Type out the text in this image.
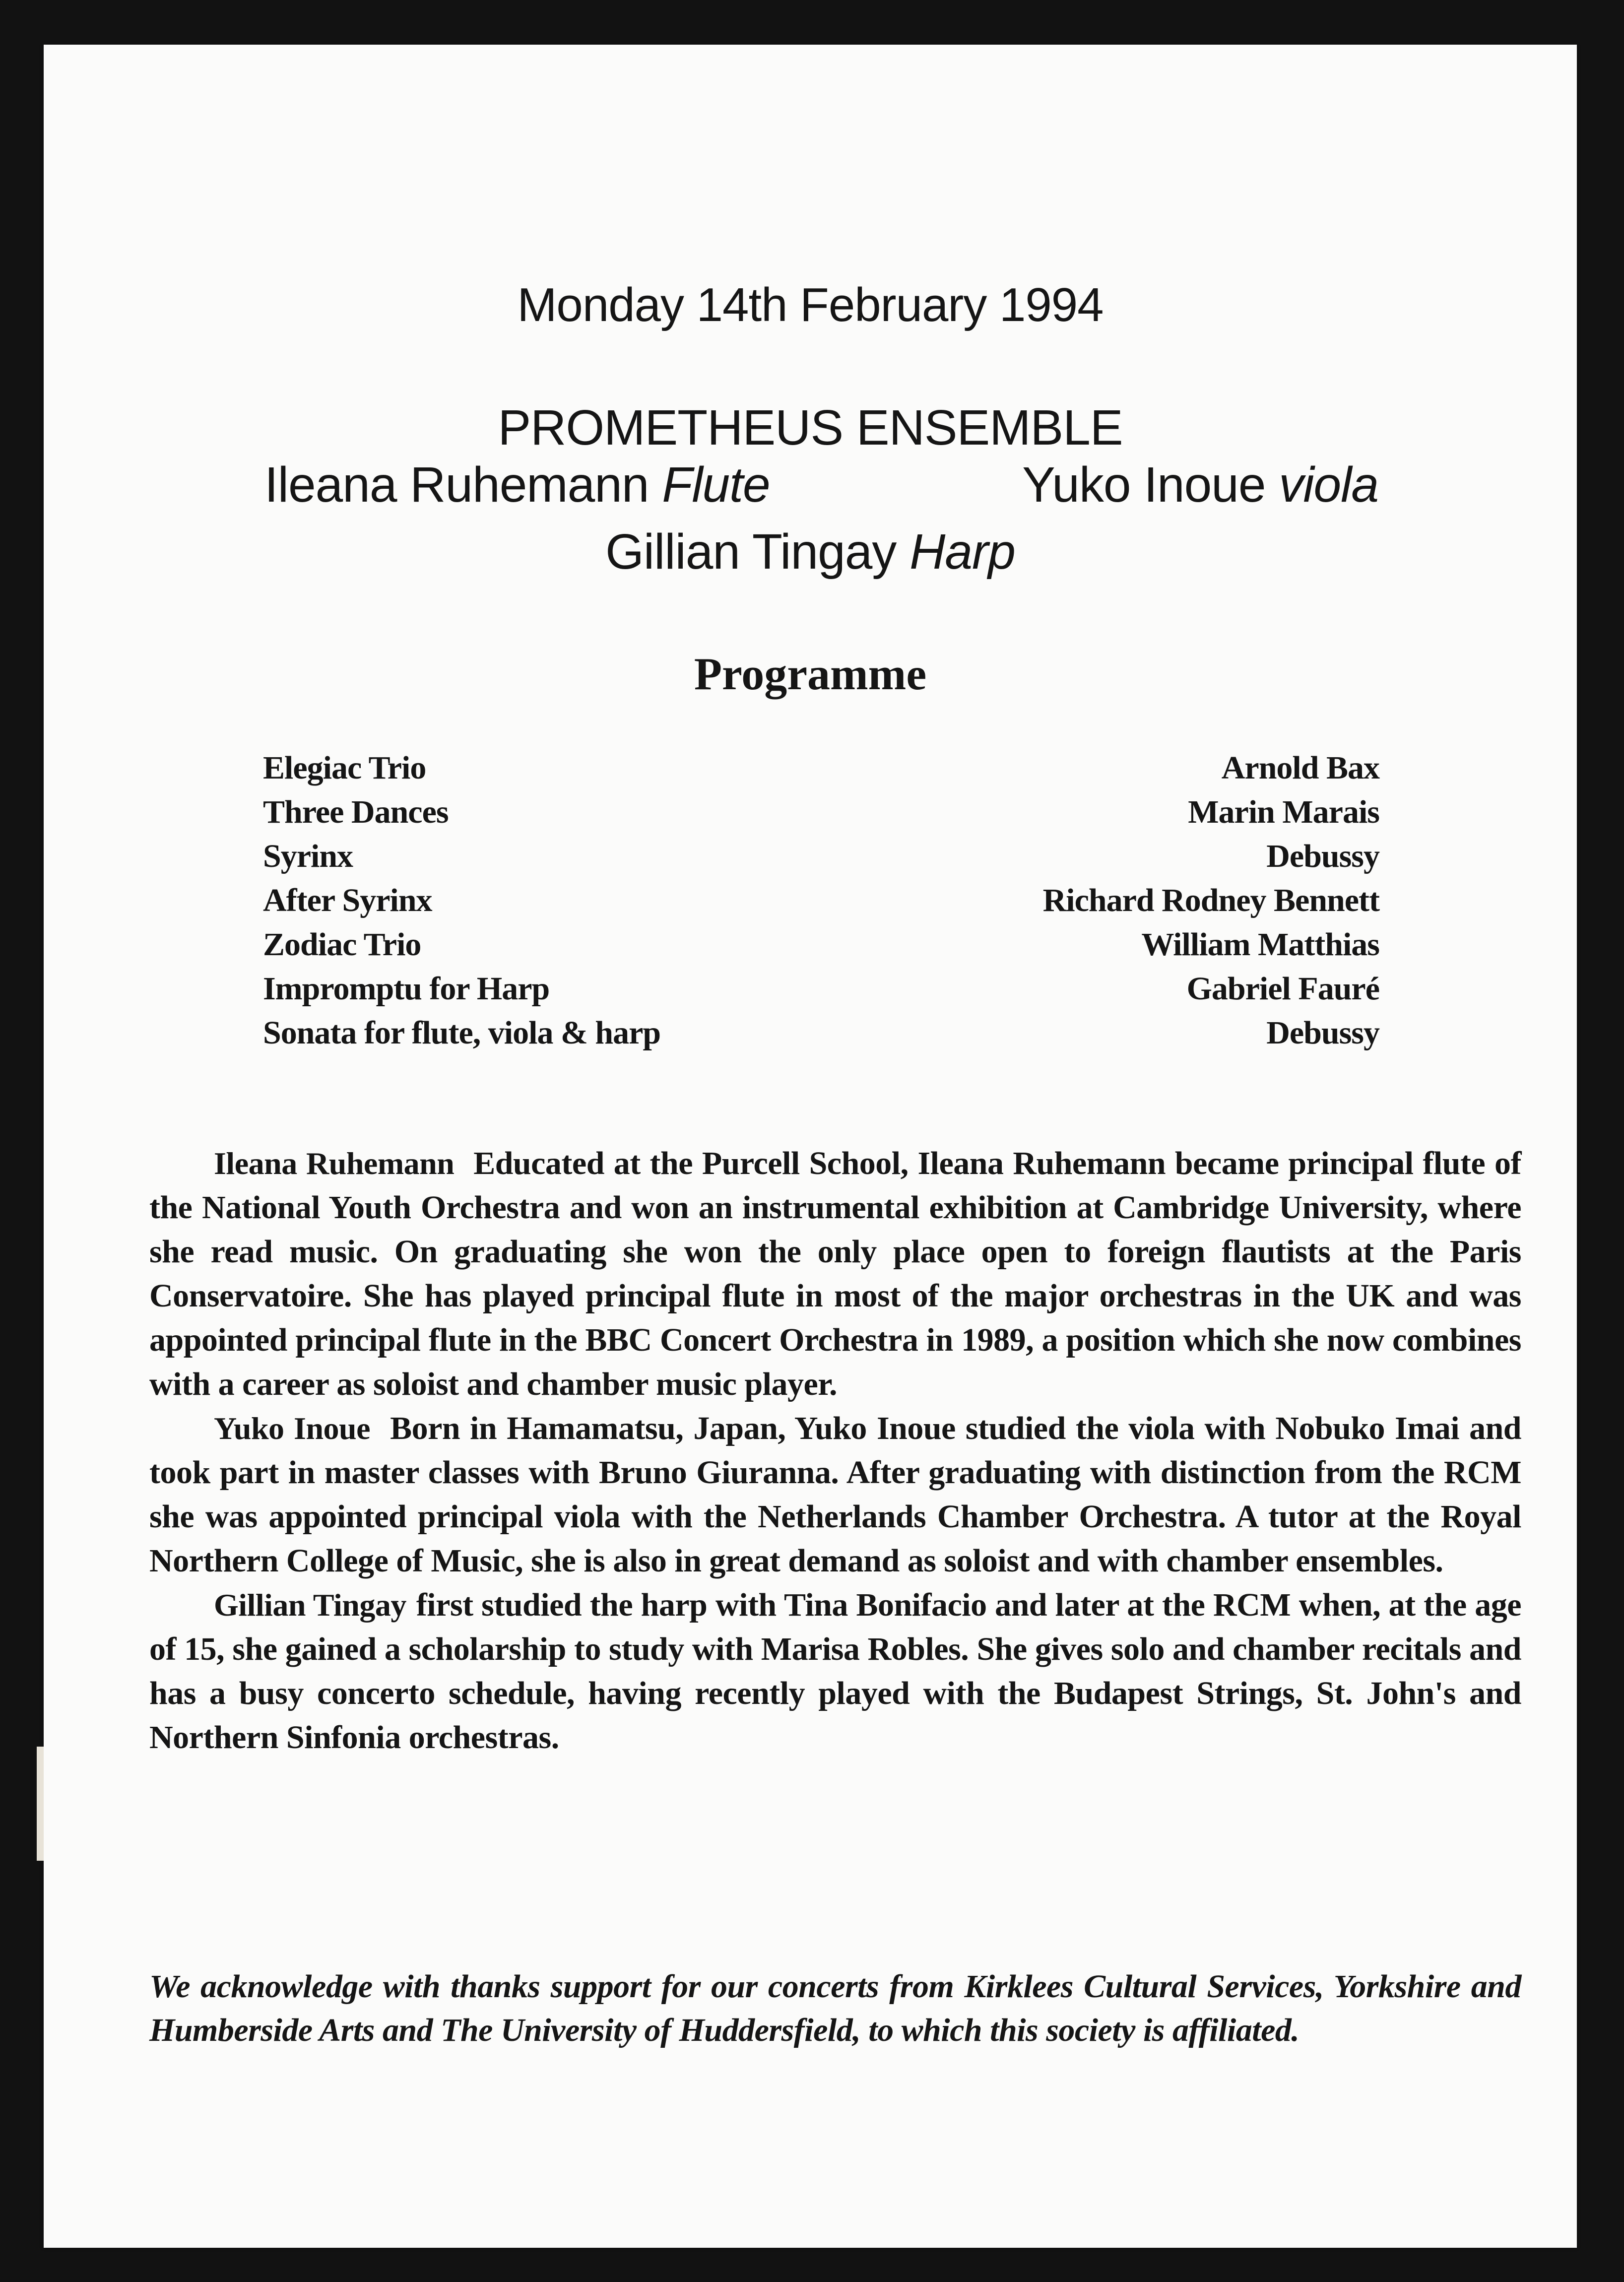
Monday 14th February 1994
PROMETHEUS ENSEMBLE
Ileana Ruhemann Flute	Yuko Inoue viola
Gillian Tingay Harp
Programme
Elegiac Trio	Arnold Bax
Three Dances	Marin Marais
Syrinx	Debussy
After Syrinx	Richard Rodney Bennett
Zodiac Trio	William Matthias
Impromptu for Harp	Gabriel Fauré
Sonata for flute, viola & harp	Debussy

Ileana Ruhemann Educated at the Purcell School, Ileana Ruhemann became principal flute of the National Youth Orchestra and won an instrumental exhibition at Cambridge University, where she read music. On graduating she won the only place open to foreign flautists at the Paris Conservatoire. She has played principal flute in most of the major orchestras in the UK and was appointed principal flute in the BBC Concert Orchestra in 1989, a position which she now combines with a career as soloist and chamber music player.

Yuko Inoue Born in Hamamatsu, Japan, Yuko Inoue studied the viola with Nobuko Imai and took part in master classes with Bruno Giuranna. After graduating with distinction from the RCM she was appointed principal viola with the Netherlands Chamber Orchestra. A tutor at the Royal Northern College of Music, she is also in great demand as soloist and with chamber ensembles.

Gillian Tingay first studied the harp with Tina Bonifacio and later at the RCM when, at the age of 15, she gained a scholarship to study with Marisa Robles. She gives solo and chamber recitals and has a busy concerto schedule, having recently played with the Budapest Strings, St. John's and Northern Sinfonia orchestras.

We acknowledge with thanks support for our concerts from Kirklees Cultural Services, Yorkshire and Humberside Arts and The University of Huddersfield, to which this society is affiliated.
